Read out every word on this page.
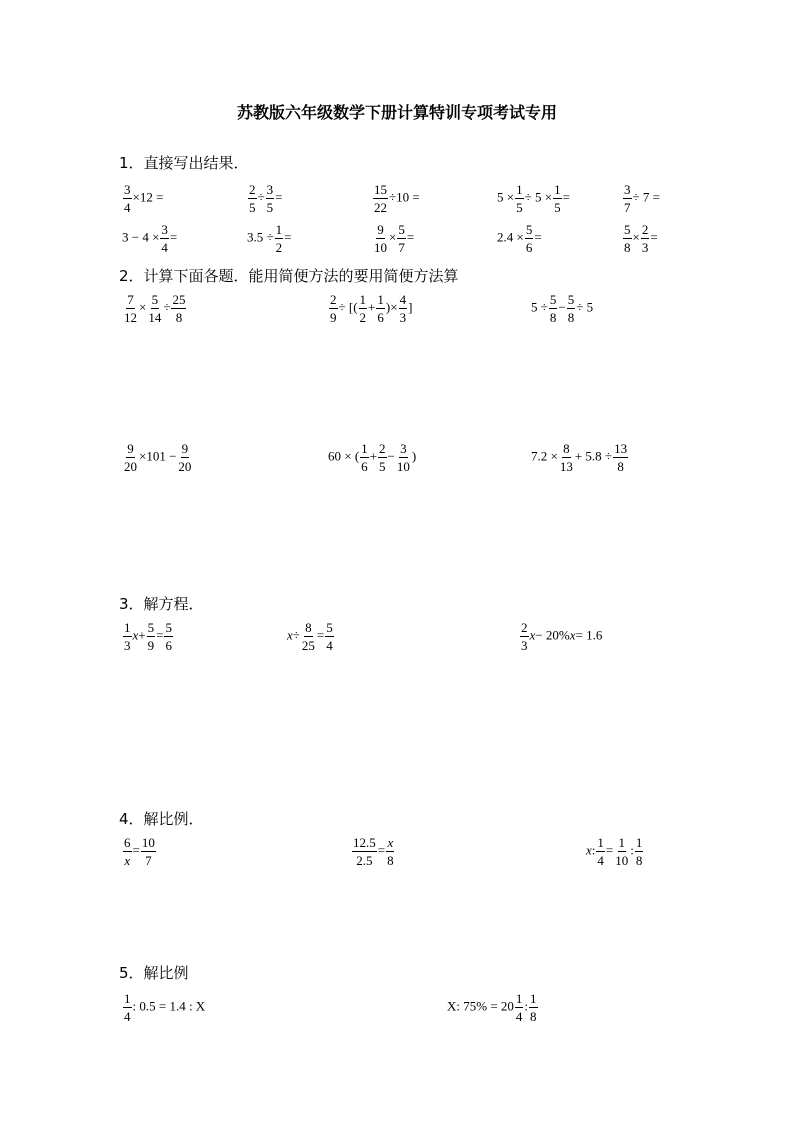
苏教版六年级数学下册计算特训专项考试专用
1．直接写出结果．
$\frac{3}{4} \times 12$ =	$\frac{2}{5} \div \frac{3}{5}$ =	$\frac{15}{22} \div 10$ =	$5 \times \frac{1}{5} \div 5 \times \frac{1}{5}$ =	$\frac{3}{7} \div 7$ =
$3 - 4 \times \frac{3}{4}$ =	$3.5 \div \frac{1}{2}$ =	$\frac{9}{10} \times \frac{5}{7}$ =	$2.4 \times \frac{5}{6}$ =	$\frac{5}{8} \times \frac{2}{3}$ =
2．计算下面各题．能用简便方法的要用简便方法算
$\frac{7}{12} \times \frac{5}{14} \div \frac{25}{8}$	$\frac{2}{9}$ ÷ [( $\frac{1}{2} + \frac{1}{6}$ )× $\frac{4}{3}$ ]	$5 \div \frac{5}{8} - \frac{5}{8} \div 5$
$\frac{9}{20} \times 101 - \frac{9}{20}$	60 × ( $\frac{1}{6} + \frac{2}{5} - \frac{3}{10}$ )	$7.2 \times \frac{8}{13} + 5.8 \div \frac{13}{8}$
3．解方程．
$\frac{1}{3} x+ \frac{5}{9} = \frac{5}{6}$	$x\div \frac{8}{25} = \frac{5}{4}$	$\frac{2}{3} x- 20\%x= 1.6$
4．解比例．
$\frac{6}{x} = \frac{10}{7}$	$\frac{12.5}{2.5} = \frac{x}{8}$	x: $\frac{1}{4} = \frac{1}{10}$ : $\frac{1}{8}$
5．解比例
$\frac{1}{4}$ : 0.5 = 1.4 : X	X: $75\% = 20 \frac{1}{4}$ : $\frac{1}{8}$
